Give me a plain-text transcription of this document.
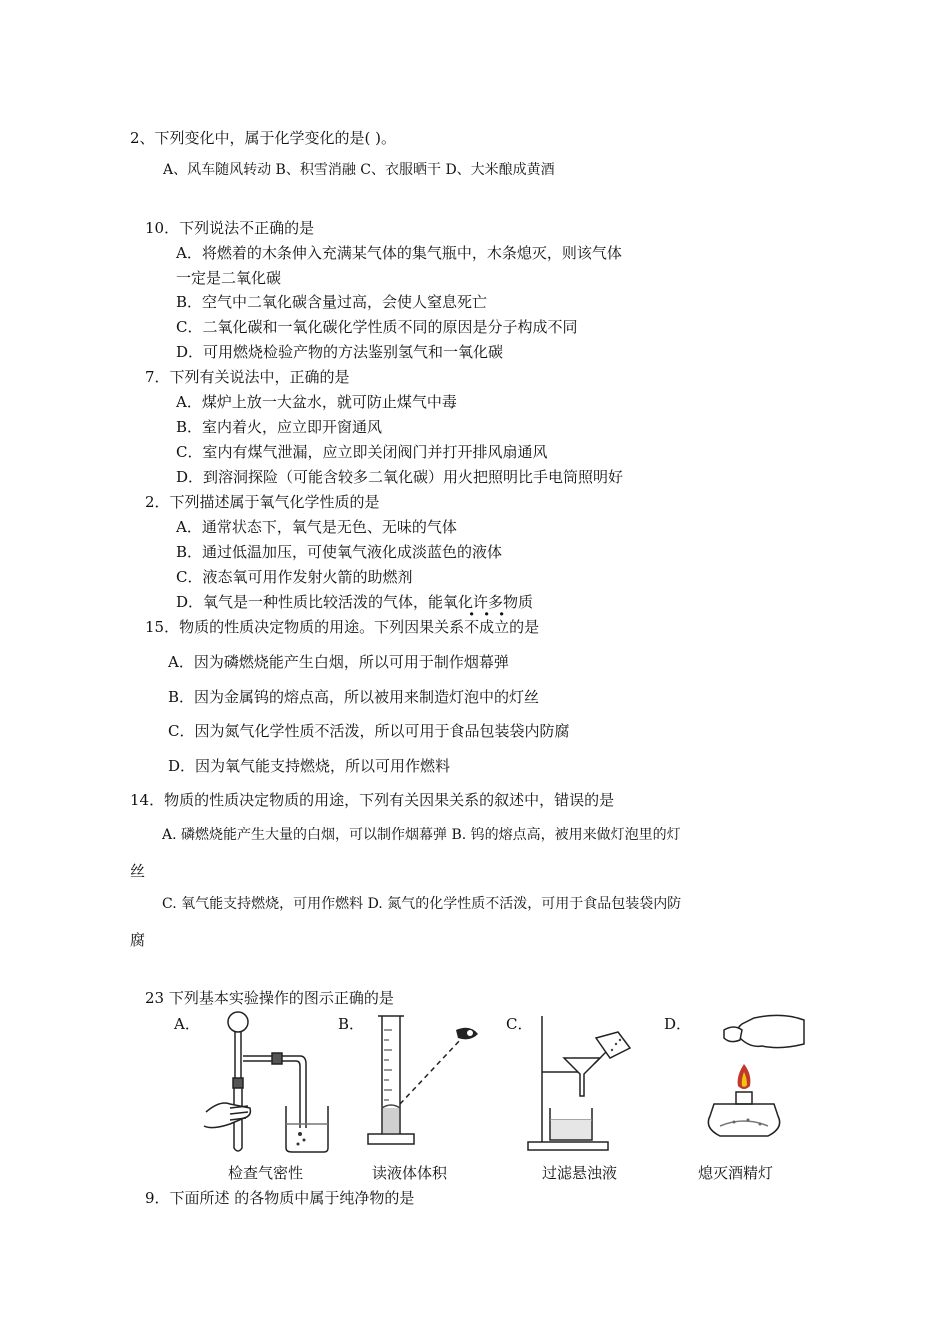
2、下列变化中，属于化学变化的是( )。
A、风车随风转动 B、积雪消融 C、衣服晒干 D、大米酿成黄酒
10．下列说法不正确的是
A．将燃着的木条伸入充满某气体的集气瓶中，木条熄灭，则该气体
一定是二氧化碳
B．空气中二氧化碳含量过高，会使人窒息死亡
C．二氧化碳和一氧化碳化学性质不同的原因是分子构成不同
D．可用燃烧检验产物的方法鉴别氢气和一氧化碳
7．下列有关说法中，正确的是
A．煤炉上放一大盆水，就可防止煤气中毒
B．室内着火，应立即开窗通风
C．室内有煤气泄漏，应立即关闭阀门并打开排风扇通风
D．到溶洞探险（可能含较多二氧化碳）用火把照明比手电筒照明好
2．下列描述属于氧气化学性质的是
A．通常状态下，氧气是无色、无味的气体
B．通过低温加压，可使氧气液化成淡蓝色的液体
C．液态氧可用作发射火箭的助燃剂
D．氧气是一种性质比较活泼的气体，能氧化许多物质
15．物质的性质决定物质的用途。下列因果关系不成立的是
A．因为磷燃烧能产生白烟，所以可用于制作烟幕弹
B．因为金属钨的熔点高，所以被用来制造灯泡中的灯丝
C．因为氮气化学性质不活泼，所以可用于食品包装袋内防腐
D．因为氧气能支持燃烧，所以可用作燃料
14．物质的性质决定物质的用途，下列有关因果关系的叙述中，错误的是
A. 磷燃烧能产生大量的白烟，可以制作烟幕弹 B. 钨的熔点高，被用来做灯泡里的灯
丝
C. 氧气能支持燃烧，可用作燃料 D. 氮气的化学性质不活泼，可用于食品包装袋内防
腐
23 下列基本实验操作的图示正确的是
A．	B．	C．	D．
检查气密性	读液体体积	过滤悬浊液	熄灭酒精灯
9．下面所述 的各物质中属于纯净物的是
